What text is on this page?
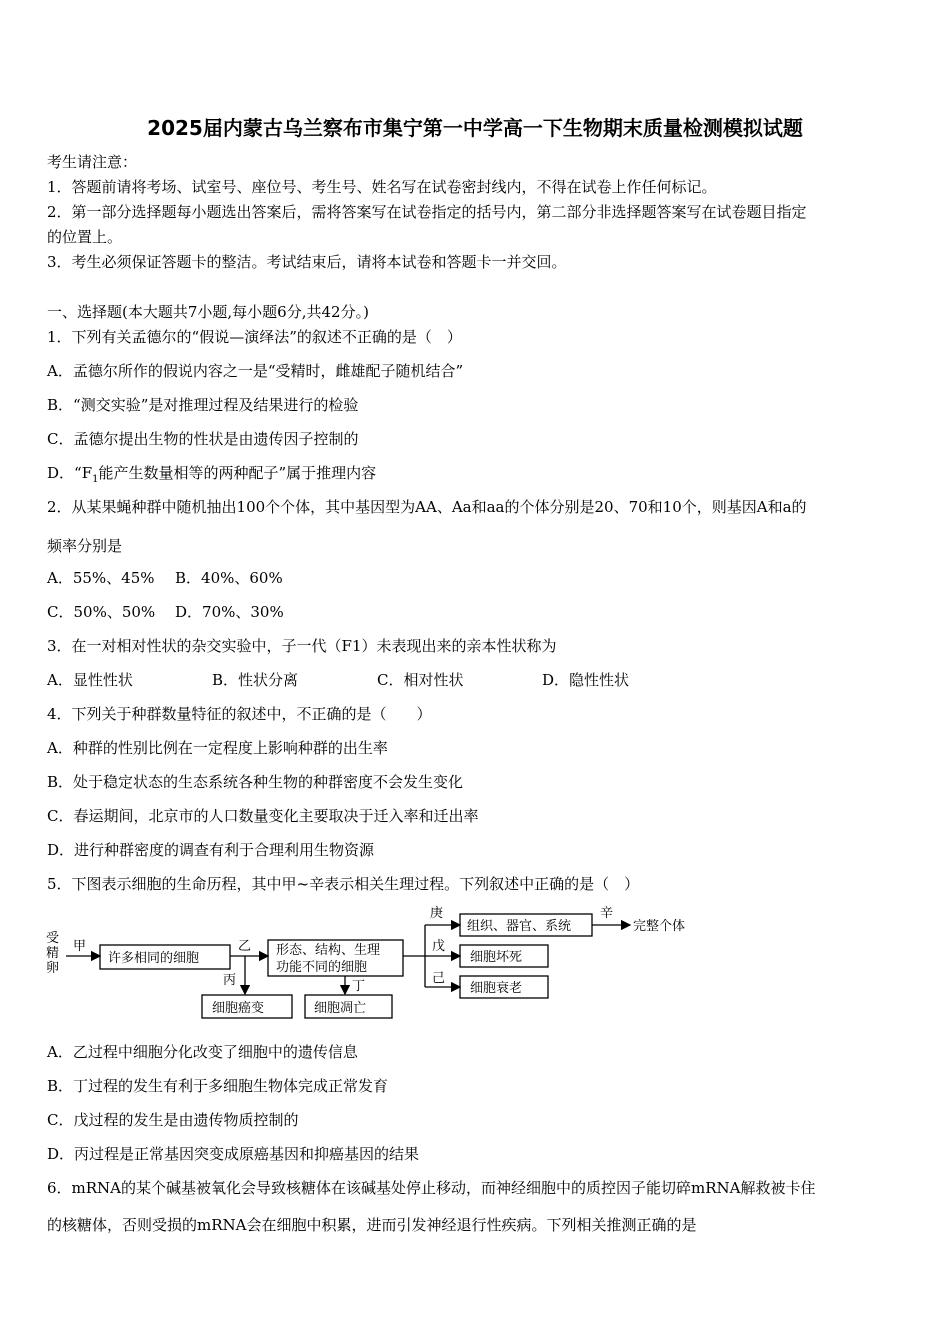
2025届内蒙古乌兰察布市集宁第一中学高一下生物期末质量检测模拟试题
考生请注意：
1．答题前请将考场、试室号、座位号、考生号、姓名写在试卷密封线内，不得在试卷上作任何标记。
2．第一部分选择题每小题选出答案后，需将答案写在试卷指定的括号内，第二部分非选择题答案写在试卷题目指定
的位置上。
3．考生必须保证答题卡的整洁。考试结束后，请将本试卷和答题卡一并交回。
一、选择题(本大题共7小题,每小题6分,共42分。)
1．下列有关孟德尔的“假说—演绎法”的叙述不正确的是（　）
A．孟德尔所作的假说内容之一是“受精时，雌雄配子随机结合”
B．“测交实验”是对推理过程及结果进行的检验
C．孟德尔提出生物的性状是由遗传因子控制的
D．“$F_1$能产生数量相等的两种配子”属于推理内容
2．从某果蝇种群中随机抽出100个个体，其中基因型为AA、Aa和aa的个体分别是20、70和10个，则基因A和a的
频率分别是
A．55%、45% B．40%、60%
C．50%、50% D．70%、30%
3．在一对相对性状的杂交实验中，子一代（F1）未表现出来的亲本性状称为
A．显性性状	B．性状分离	C．相对性状	D．隐性性状
4．下列关于种群数量特征的叙述中，不正确的是（　　）
A．种群的性别比例在一定程度上影响种群的出生率
B．处于稳定状态的生态系统各种生物的种群密度不会发生变化
C．春运期间，北京市的人口数量变化主要取决于迁入率和迁出率
D．进行种群密度的调查有利于合理利用生物资源
5．下图表示细胞的生命历程，其中甲~辛表示相关生理过程。下列叙述中正确的是（　）
受
精
卵
甲
许多相同的细胞
乙
丙
形态、结构、生理
功能不同的细胞
丁
细胞癌变	细胞凋亡
庚
戊
己
组织、器官、系统
辛
完整个体
细胞坏死
细胞衰老
A．乙过程中细胞分化改变了细胞中的遗传信息
B．丁过程的发生有利于多细胞生物体完成正常发育
C．戊过程的发生是由遗传物质控制的
D．丙过程是正常基因突变成原癌基因和抑癌基因的结果
6．mRNA的某个碱基被氧化会导致核糖体在该碱基处停止移动，而神经细胞中的质控因子能切碎mRNA解救被卡住
的核糖体，否则受损的mRNA会在细胞中积累，进而引发神经退行性疾病。下列相关推测正确的是
